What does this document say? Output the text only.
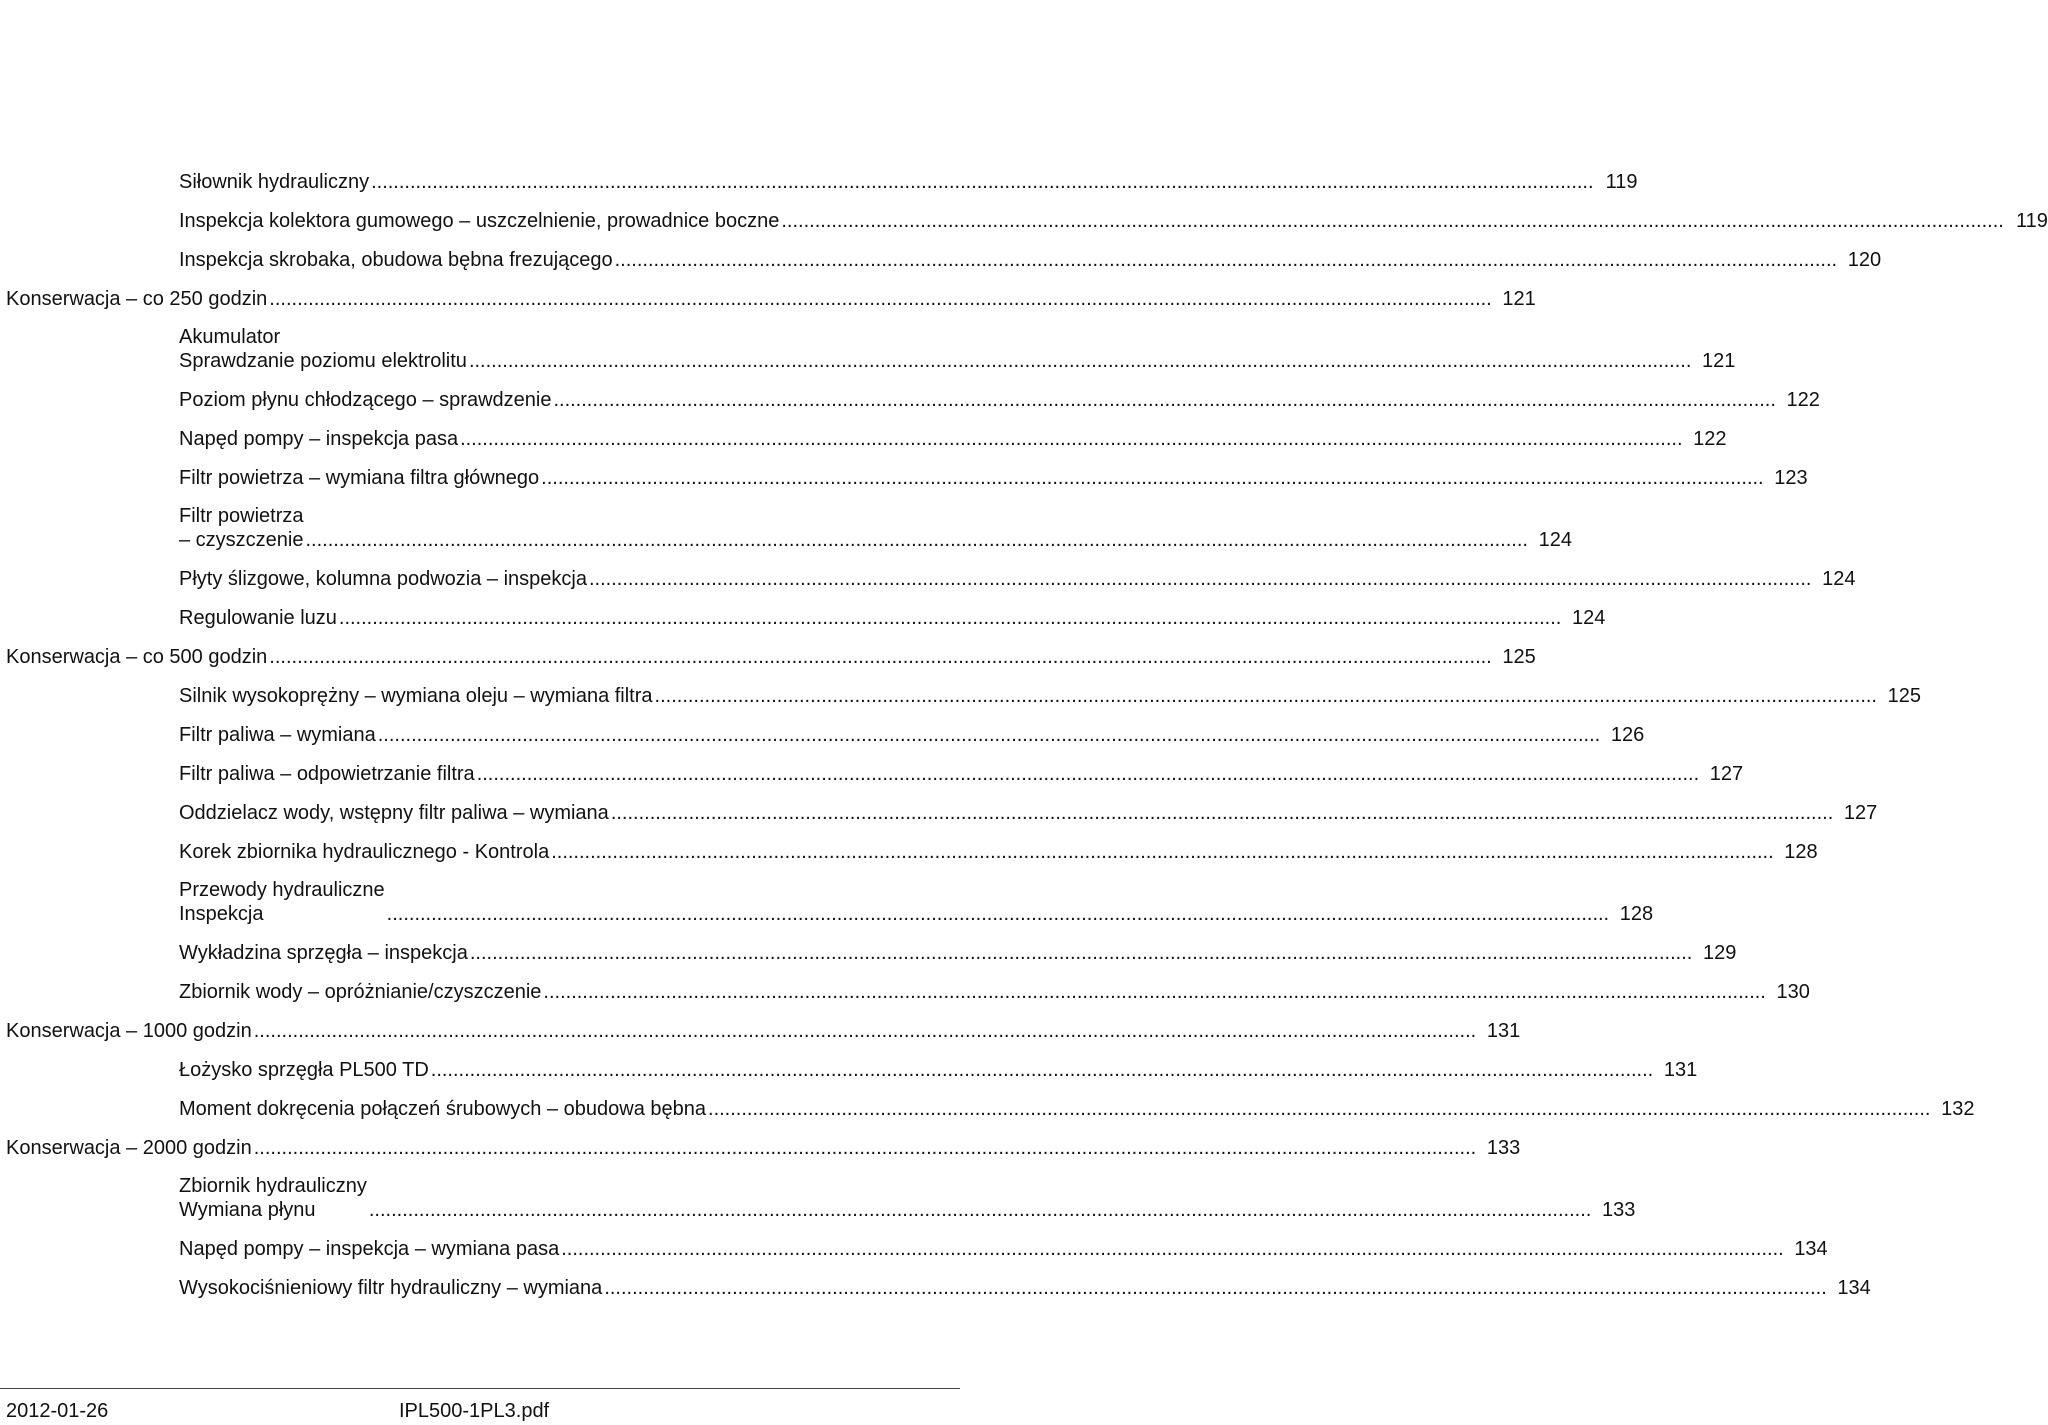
Siłownik hydrauliczny ............................................................................................................................................................................................................................ 119
Inspekcja kolektora gumowego – uszczelnienie, prowadnice boczne ............................................................................................................................................................................................................................ 119
Inspekcja skrobaka, obudowa bębna frezującego ............................................................................................................................................................................................................................ 120
Konserwacja – co 250 godzin ............................................................................................................................................................................................................................ 121
Akumulator
Sprawdzanie poziomu elektrolitu ............................................................................................................................................................................................................................ 121
Poziom płynu chłodzącego – sprawdzenie ............................................................................................................................................................................................................................ 122
Napęd pompy – inspekcja pasa ............................................................................................................................................................................................................................ 122
Filtr powietrza – wymiana filtra głównego ............................................................................................................................................................................................................................ 123
Filtr powietrza
– czyszczenie ............................................................................................................................................................................................................................ 124
Płyty ślizgowe, kolumna podwozia – inspekcja ............................................................................................................................................................................................................................ 124
Regulowanie luzu ............................................................................................................................................................................................................................ 124
Konserwacja – co 500 godzin ............................................................................................................................................................................................................................ 125
Silnik wysokoprężny – wymiana oleju – wymiana filtra ............................................................................................................................................................................................................................ 125
Filtr paliwa – wymiana ............................................................................................................................................................................................................................ 126
Filtr paliwa – odpowietrzanie filtra ............................................................................................................................................................................................................................ 127
Oddzielacz wody, wstępny filtr paliwa – wymiana ............................................................................................................................................................................................................................ 127
Korek zbiornika hydraulicznego - Kontrola ............................................................................................................................................................................................................................ 128
Przewody hydrauliczne
Inspekcja	............................................................................................................................................................................................................................ 128
Wykładzina sprzęgła – inspekcja ............................................................................................................................................................................................................................ 129
Zbiornik wody – opróżnianie/czyszczenie ............................................................................................................................................................................................................................ 130
Konserwacja – 1000 godzin ............................................................................................................................................................................................................................ 131
Łożysko sprzęgła PL500 TD ............................................................................................................................................................................................................................ 131
Moment dokręcenia połączeń śrubowych – obudowa bębna ............................................................................................................................................................................................................................ 132
Konserwacja – 2000 godzin ............................................................................................................................................................................................................................ 133
Zbiornik hydrauliczny
Wymiana płynu	............................................................................................................................................................................................................................ 133
Napęd pompy – inspekcja – wymiana pasa ............................................................................................................................................................................................................................ 134
Wysokociśnieniowy filtr hydrauliczny – wymiana ............................................................................................................................................................................................................................ 134
2012-01-26	IPL500-1PL3.pdf
